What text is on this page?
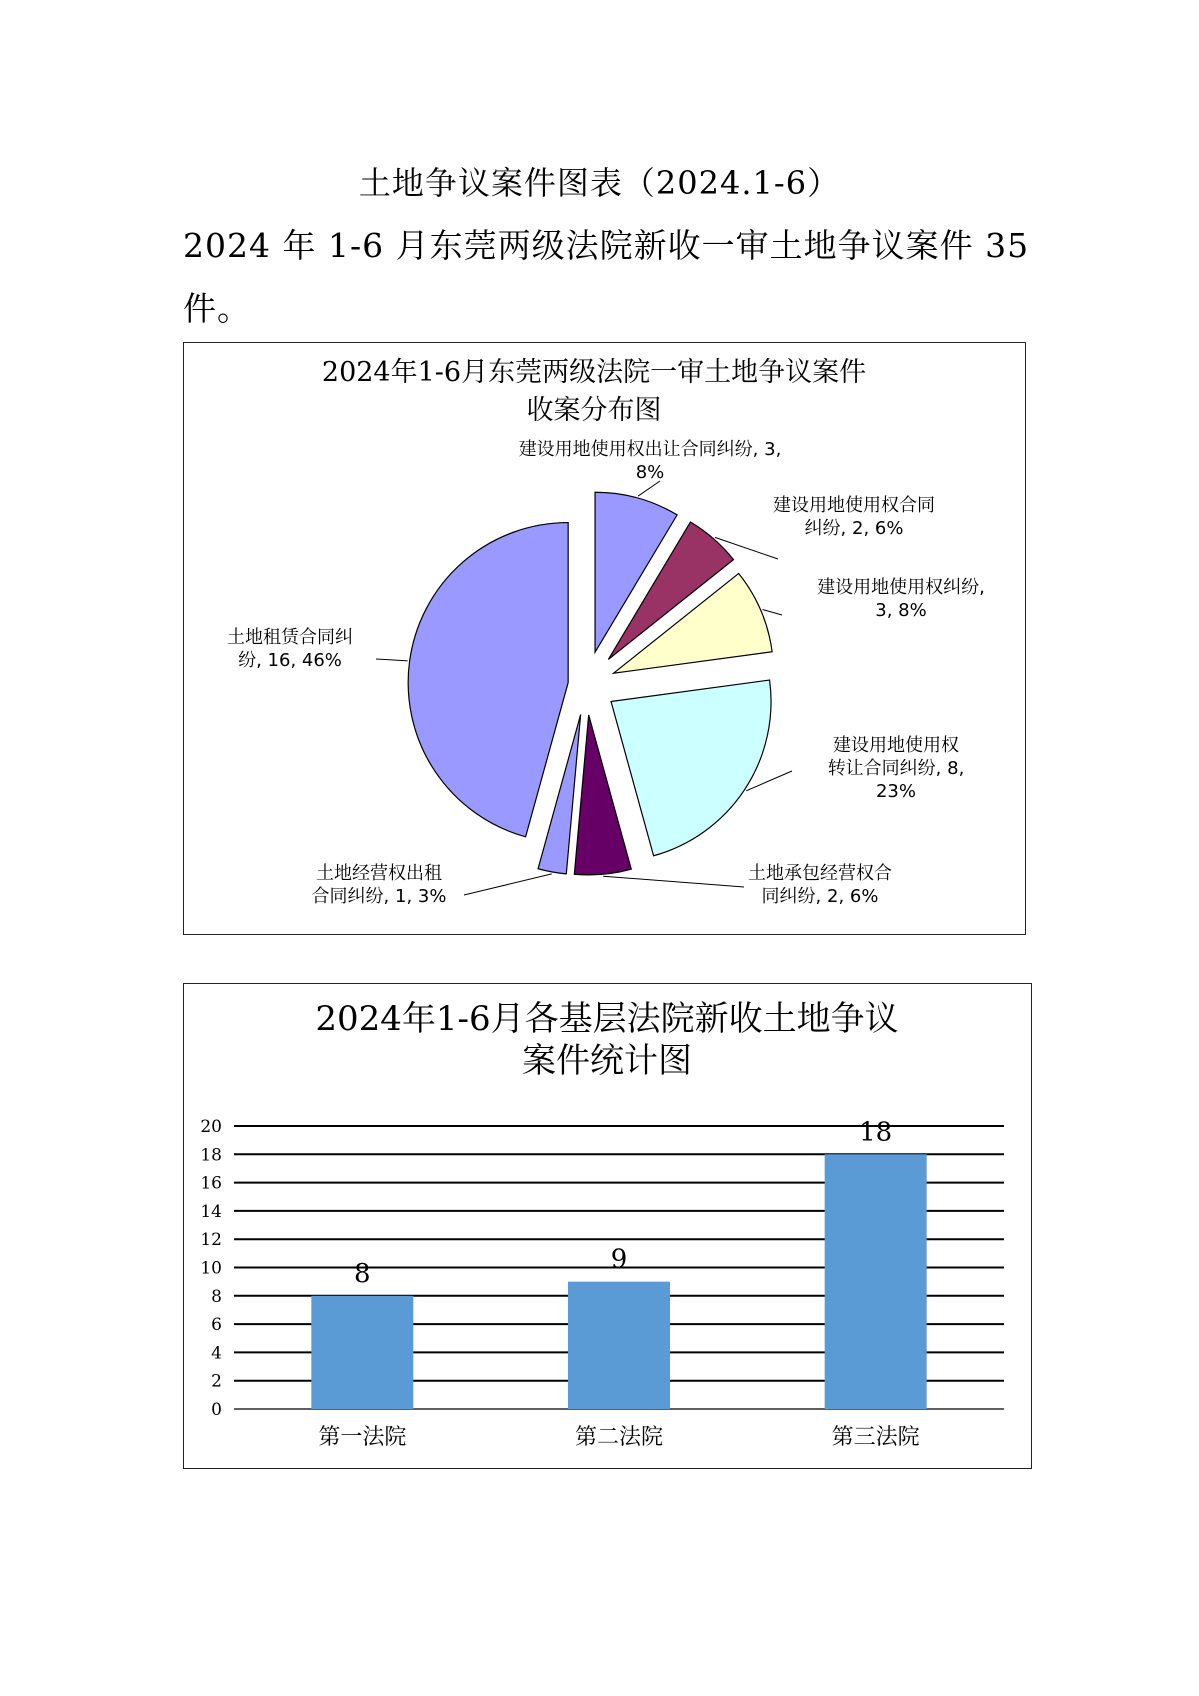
土地争议案件图表（2024.1-6）
2024 年 1-6 月东莞两级法院新收一审土地争议案件 35 件。
2024年1-6月东莞两级法院一审土地争议案件
收案分布图
建设用地使用权出让合同纠纷, 3,
8%
建设用地使用权合同
纠纷, 2, 6%
建设用地使用权纠纷,
3, 8%
建设用地使用权
转让合同纠纷, 8,
23%
土地承包经营权合
同纠纷, 2, 6%
土地经营权出租
合同纠纷, 1, 3%
土地租赁合同纠
纷, 16, 46%
2024年1-6月各基层法院新收土地争议
案件统计图
0
2
4
6
8
10
12
14
16
18
20
8
第一法院
9
第二法院
18
第三法院
